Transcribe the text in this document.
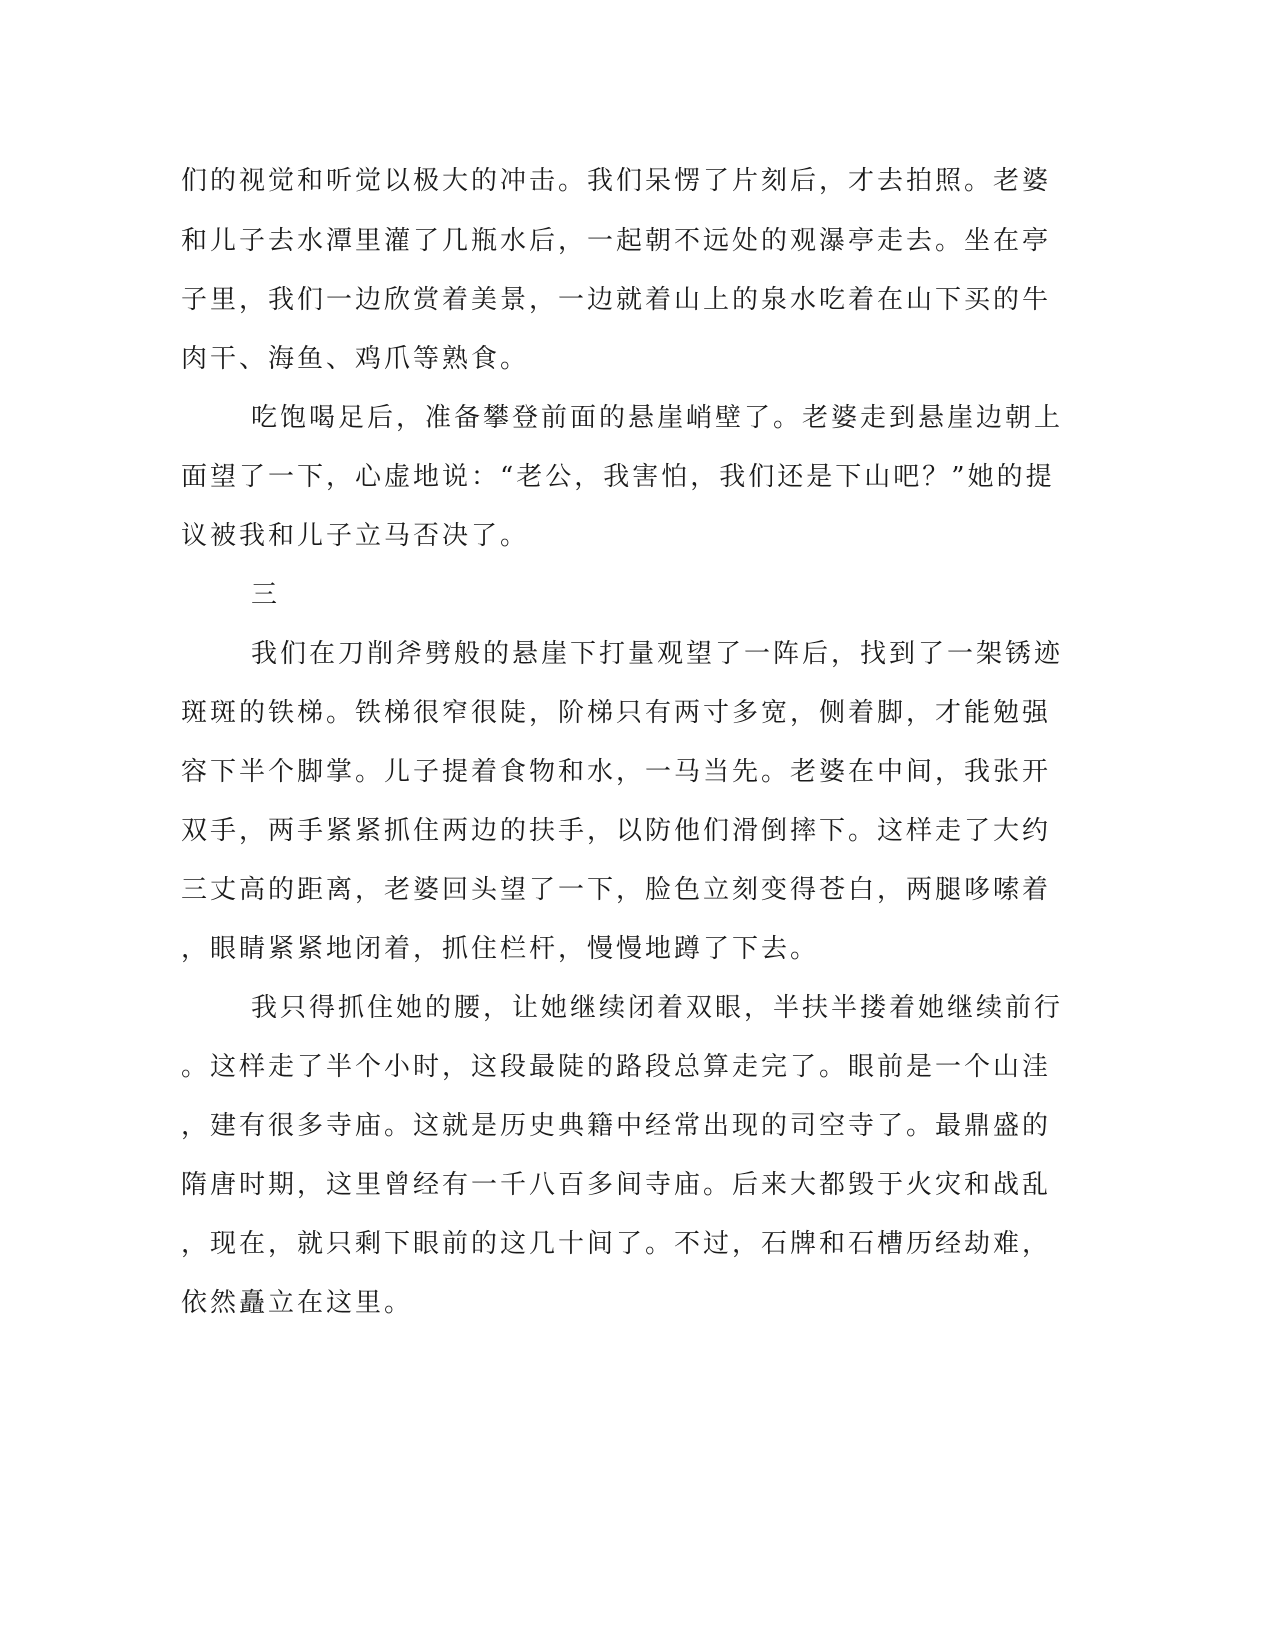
们的视觉和听觉以极大的冲击。我们呆愣了片刻后，才去拍照。老婆

和儿子去水潭里灌了几瓶水后，一起朝不远处的观瀑亭走去。坐在亭

子里，我们一边欣赏着美景，一边就着山上的泉水吃着在山下买的牛

肉干、海鱼、鸡爪等熟食。

吃饱喝足后，准备攀登前面的悬崖峭壁了。老婆走到悬崖边朝上

面望了一下，心虚地说：“老公，我害怕，我们还是下山吧？”她的提

议被我和儿子立马否决了。

三

我们在刀削斧劈般的悬崖下打量观望了一阵后，找到了一架锈迹

斑斑的铁梯。铁梯很窄很陡，阶梯只有两寸多宽，侧着脚，才能勉强

容下半个脚掌。儿子提着食物和水，一马当先。老婆在中间，我张开

双手，两手紧紧抓住两边的扶手，以防他们滑倒摔下。这样走了大约

三丈高的距离，老婆回头望了一下，脸色立刻变得苍白，两腿哆嗦着

，眼睛紧紧地闭着，抓住栏杆，慢慢地蹲了下去。

我只得抓住她的腰，让她继续闭着双眼，半扶半搂着她继续前行

。这样走了半个小时，这段最陡的路段总算走完了。眼前是一个山洼

，建有很多寺庙。这就是历史典籍中经常出现的司空寺了。最鼎盛的

隋唐时期，这里曾经有一千八百多间寺庙。后来大都毁于火灾和战乱

，现在，就只剩下眼前的这几十间了。不过，石牌和石槽历经劫难，

依然矗立在这里。
